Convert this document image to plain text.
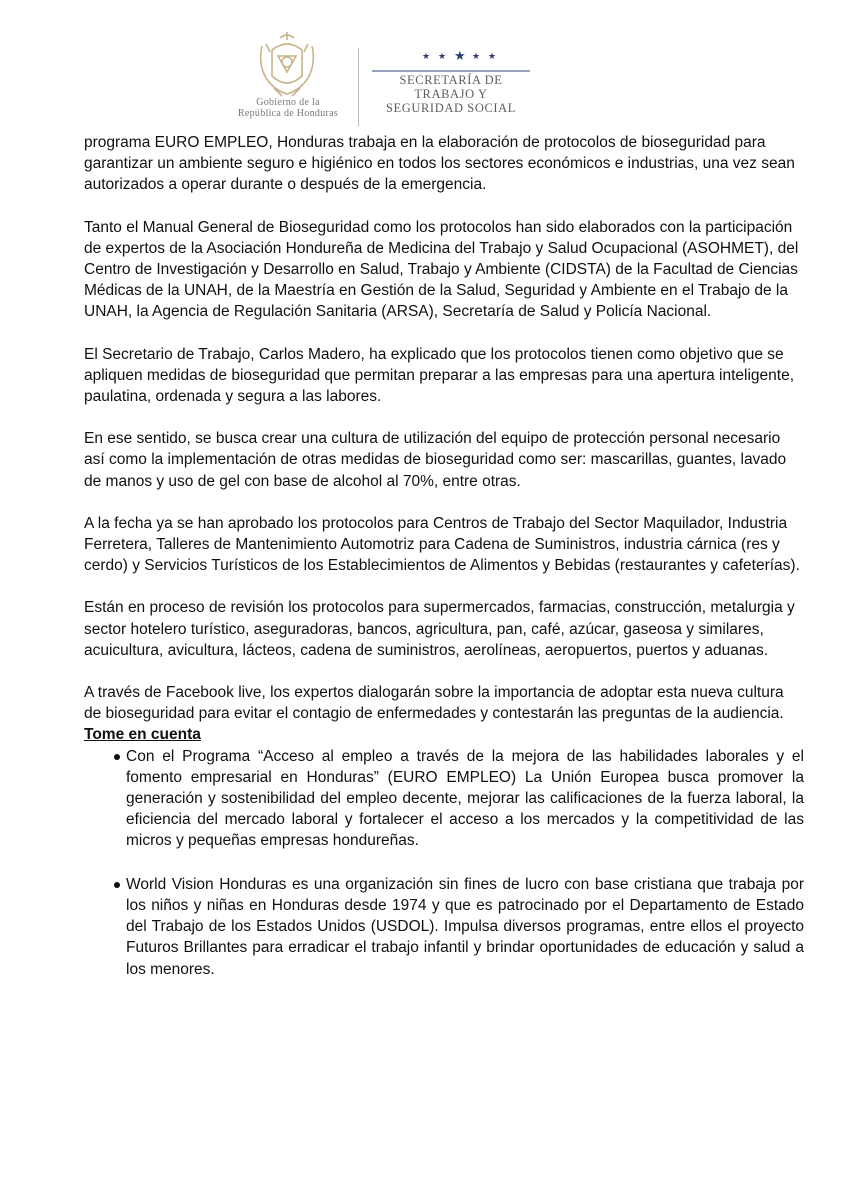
Gobierno de la
República de Honduras
★ ★ ★ ★ ★
SECRETARÍA DE TRABAJO Y
SEGURIDAD SOCIAL

programa EURO EMPLEO, Honduras trabaja en la elaboración de protocolos de bioseguridad para garantizar un ambiente seguro e higiénico en todos los sectores económicos e industrias, una vez sean autorizados a operar durante o después de la emergencia.

Tanto el Manual General de Bioseguridad como los protocolos han sido elaborados con la participación de expertos de la Asociación Hondureña de Medicina del Trabajo y Salud Ocupacional (ASOHMET), del Centro de Investigación y Desarrollo en Salud, Trabajo y Ambiente (CIDSTA) de la Facultad de Ciencias Médicas de la UNAH, de la Maestría en Gestión de la Salud, Seguridad y Ambiente en el Trabajo de la UNAH, la Agencia de Regulación Sanitaria (ARSA), Secretaría de Salud y Policía Nacional.

El Secretario de Trabajo, Carlos Madero, ha explicado que los protocolos tienen como objetivo que se apliquen medidas de bioseguridad que permitan preparar a las empresas para una apertura inteligente, paulatina, ordenada y segura a las labores.

En ese sentido, se busca crear una cultura de utilización del equipo de protección personal necesario así como la implementación de otras medidas de bioseguridad como ser: mascarillas, guantes, lavado de manos y uso de gel con base de alcohol al 70%, entre otras.

A la fecha ya se han aprobado los protocolos para Centros de Trabajo del Sector Maquilador, Industria Ferretera, Talleres de Mantenimiento Automotriz para Cadena de Suministros, industria cárnica (res y cerdo) y Servicios Turísticos de los Establecimientos de Alimentos y Bebidas (restaurantes y cafeterías).

Están en proceso de revisión los protocolos para supermercados, farmacias, construcción, metalurgia y sector hotelero turístico, aseguradoras, bancos, agricultura, pan, café, azúcar, gaseosa y similares, acuicultura, avicultura, lácteos, cadena de suministros, aerolíneas, aeropuertos, puertos y aduanas.

A través de Facebook live, los expertos dialogarán sobre la importancia de adoptar esta nueva cultura de bioseguridad para evitar el contagio de enfermedades y contestarán las preguntas de la audiencia.

Tome en cuenta
Con el Programa “Acceso al empleo a través de la mejora de las habilidades laborales y el fomento empresarial en Honduras” (EURO EMPLEO) La Unión Europea busca promover la generación y sostenibilidad del empleo decente, mejorar las calificaciones de la fuerza laboral, la eficiencia del mercado laboral y fortalecer el acceso a los mercados y la competitividad de las micros y pequeñas empresas hondureñas.
World Vision Honduras es una organización sin fines de lucro con base cristiana que trabaja por los niños y niñas en Honduras desde 1974 y que es patrocinado por el Departamento de Estado del Trabajo de los Estados Unidos (USDOL). Impulsa diversos programas, entre ellos el proyecto Futuros Brillantes para erradicar el trabajo infantil y brindar oportunidades de educación y salud a los menores.
